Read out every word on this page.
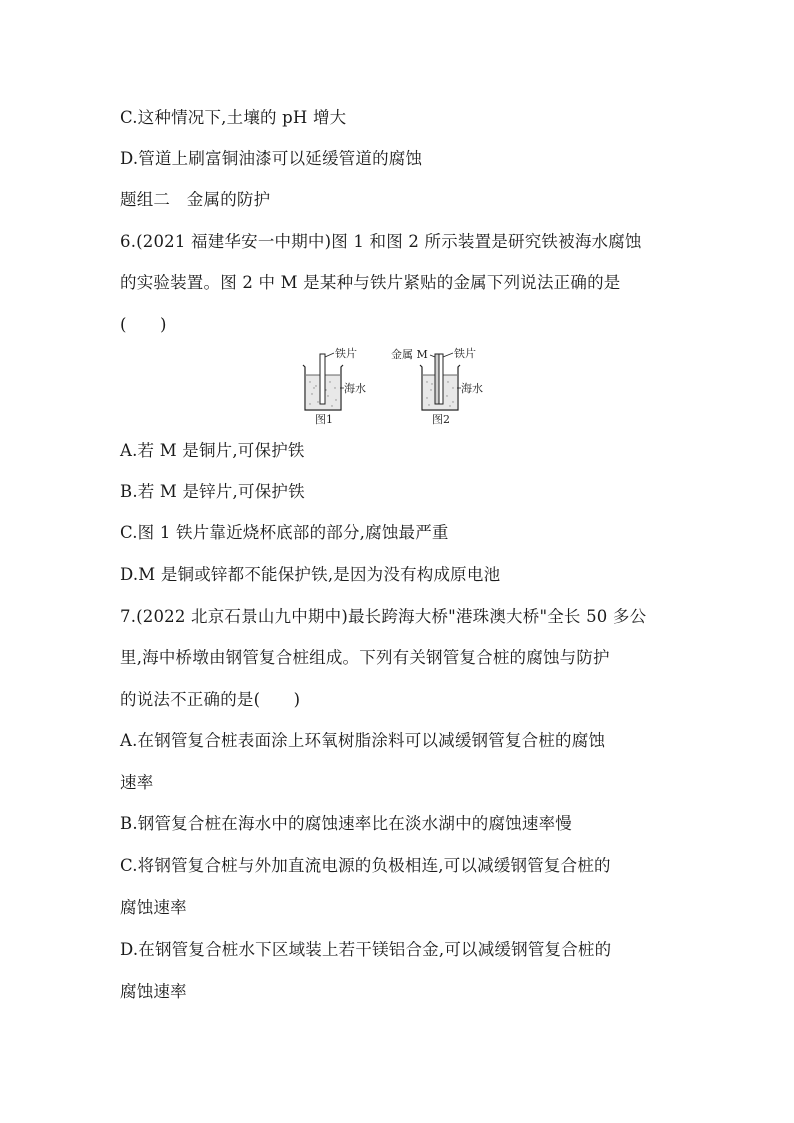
C.这种情况下,土壤的 pH 增大
D.管道上刷富铜油漆可以延缓管道的腐蚀
题组二　金属的防护
6.(2021 福建华安一中期中)图 1 和图 2 所示装置是研究铁被海水腐蚀
的实验装置。图 2 中 M 是某种与铁片紧贴的金属下列说法正确的是
(　　)
铁片
海水
图1
金属 M 铁片
海水
图2
A.若 M 是铜片,可保护铁
B.若 M 是锌片,可保护铁
C.图 1 铁片靠近烧杯底部的部分,腐蚀最严重
D.M 是铜或锌都不能保护铁,是因为没有构成原电池
7.(2022 北京石景山九中期中)最长跨海大桥"港珠澳大桥"全长 50 多公
里,海中桥墩由钢管复合桩组成。下列有关钢管复合桩的腐蚀与防护
的说法不正确的是(　　)
A.在钢管复合桩表面涂上环氧树脂涂料可以减缓钢管复合桩的腐蚀
速率
B.钢管复合桩在海水中的腐蚀速率比在淡水湖中的腐蚀速率慢
C.将钢管复合桩与外加直流电源的负极相连,可以减缓钢管复合桩的
腐蚀速率
D.在钢管复合桩水下区域装上若干镁铝合金,可以减缓钢管复合桩的
腐蚀速率
